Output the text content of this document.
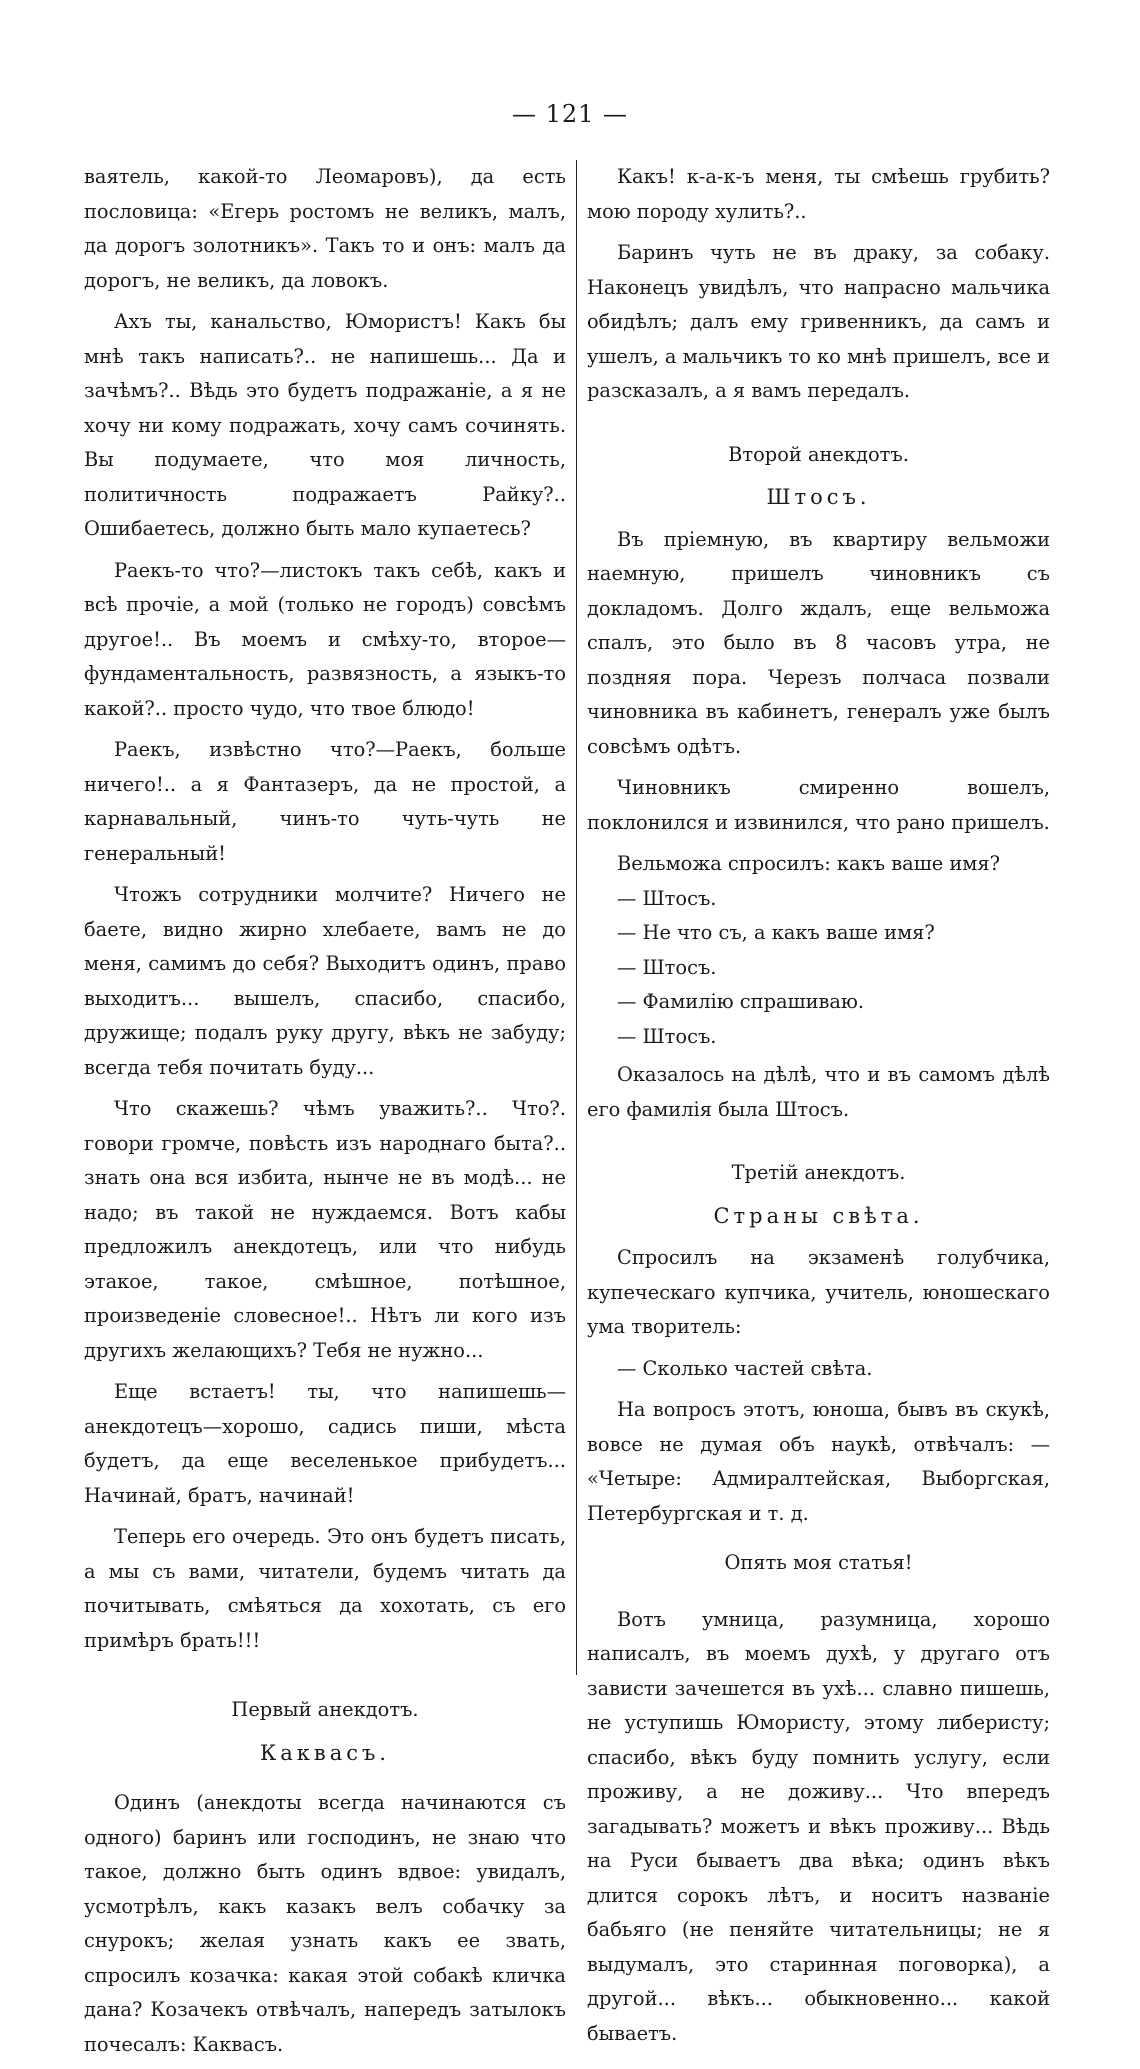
— 121 —

ваятель, какой-то Леомаровъ), да есть пословица: «Егерь ростомъ не великъ, малъ, да дорогъ золотникъ». Такъ то и онъ: малъ да дорогъ, не великъ, да ловокъ.

Ахъ ты, канальство, Юмористъ! Какъ бы мнѣ такъ написать?.. не напишешь... Да и зачѣмъ?.. Вѣдь это будетъ подражаніе, а я не хочу ни кому подражать, хочу самъ сочинять. Вы подумаете, что моя личность, политичность подражаетъ Райку?.. Ошибаетесь, должно быть мало купаетесь?

Раекъ-то что?—листокъ такъ себѣ, какъ и всѣ прочіе, а мой (только не городъ) совсѣмъ другое!.. Въ моемъ и смѣху-то, второе—фундаментальность, развязность, а языкъ-то какой?.. просто чудо, что твое блюдо!

Раекъ, извѣстно что?—Раекъ, больше ничего!.. а я Фантазеръ, да не простой, а карнавальный, чинъ-то чуть-чуть не генеральный!

Чтожъ сотрудники молчите? Ничего не баете, видно жирно хлебаете, вамъ не до меня, самимъ до себя? Выходитъ одинъ, право выходитъ... вышелъ, спасибо, спасибо, дружище; подалъ руку другу, вѣкъ не забуду; всегда тебя почитать буду...

Что скажешь? чѣмъ уважить?.. Что?. говори громче, повѣсть изъ народнаго быта?.. знать она вся избита, нынче не въ модѣ... не надо; въ такой не нуждаемся. Вотъ кабы предложилъ анекдотецъ, или что нибудь этакое, такое, смѣшное, потѣшное, произведеніе словесное!.. Нѣтъ ли кого изъ другихъ желающихъ? Тебя не нужно...

Еще встаетъ! ты, что напишешь—анекдотецъ—хорошо, садись пиши, мѣста будетъ, да еще веселенькое прибудетъ... Начинай, братъ, начинай!

Теперь его очередь. Это онъ будетъ писать, а мы съ вами, читатели, будемъ читать да почитывать, смѣяться да хохотать, съ его примѣръ брать!!!

Первый анекдотъ.
Каквасъ.

Одинъ (анекдоты всегда начинаются съ одного) баринъ или господинъ, не знаю что такое, должно быть одинъ вдвое: увидалъ, усмотрѣлъ, какъ казакъ велъ собачку за снурокъ; желая узнать какъ ее звать, спросилъ козачка: какая этой собакѣ кличка дана? Козачекъ отвѣчалъ, напередъ затылокъ почесалъ: Каквасъ.

Какъ! к-а-к-ъ меня, ты смѣешь грубить? мою породу хулить?..

Баринъ чуть не въ драку, за собаку. Наконецъ увидѣлъ, что напрасно мальчика обидѣлъ; далъ ему гривенникъ, да самъ и ушелъ, а мальчикъ то ко мнѣ пришелъ, все и разсказалъ, а я вамъ передалъ.

Второй анекдотъ.
Штосъ.

Въ пріемную, въ квартиру вельможи наемную, пришелъ чиновникъ съ докладомъ. Долго ждалъ, еще вельможа спалъ, это было въ 8 часовъ утра, не поздняя пора. Черезъ полчаса позвали чиновника въ кабинетъ, генералъ уже былъ совсѣмъ одѣтъ.

Чиновникъ смиренно вошелъ, поклонился и извинился, что рано пришелъ.

Вельможа спросилъ: какъ ваше имя?

— Штосъ.

— Не что съ, а какъ ваше имя?

— Штосъ.

— Фамилію спрашиваю.

— Штосъ.

Оказалось на дѣлѣ, что и въ самомъ дѣлѣ его фамилія была Штосъ.

Третій анекдотъ.
Страны свѣта.

Спросилъ на экзаменѣ голубчика, купеческаго купчика, учитель, юношескаго ума творитель:

— Сколько частей свѣта.

На вопросъ этотъ, юноша, бывъ въ скукѣ, вовсе не думая объ наукѣ, отвѣчалъ: — «Четыре: Адмиралтейская, Выборгская, Петербургская и т. д.

Опять моя статья!

Вотъ умница, разумница, хорошо написалъ, въ моемъ духѣ, у другаго отъ зависти зачешется въ ухѣ... славно пишешь, не уступишь Юмористу, этому либеристу; спасибо, вѣкъ буду помнить услугу, если проживу, а не доживу... Что впередъ загадывать? можетъ и вѣкъ проживу... Вѣдь на Руси бываетъ два вѣка; одинъ вѣкъ длится сорокъ лѣтъ, и носитъ названіе бабьяго (не пеняйте читательницы; не я выдумалъ, это старинная поговорка), а другой... вѣкъ... обыкновенно... какой бываетъ.
